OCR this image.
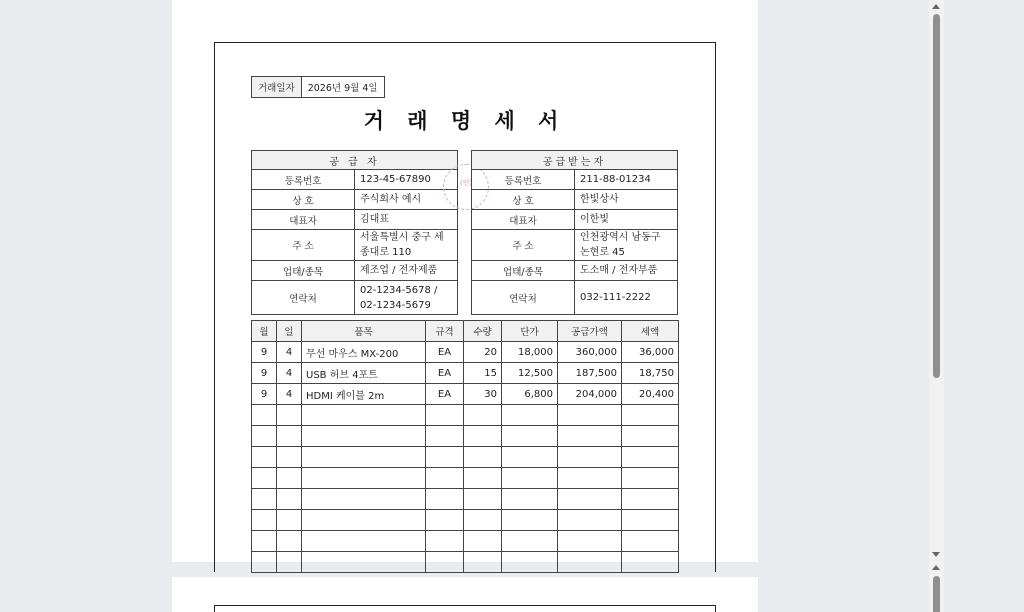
거래일자	2026년 9월 4일
거 래 명 세 서
공 급 자	
등록번호	123-45-67890 (인)

상 호	주식회사 예시
대표자	김대표
주 소	서울특별시 중구 세종대로 110
업태/종목	제조업 / 전자제품
연락처	02-1234-5678 / 02-1234-5679
공급받는자	
등록번호	211-88-01234
상 호	한빛상사
대표자	이한빛
주 소	인천광역시 남동구 논현로 45
업태/종목	도소매 / 전자부품
연락처	032-111-2222
월	일	품목	규격	수량	단가	공급가액	세액
9	4	무선 마우스 MX-200	EA	20	18,000	360,000	36,000
9	4	USB 허브 4포트	EA	15	12,500	187,500	18,750
9	4	HDMI 케이블 2m	EA	30	6,800	204,000	20,400
